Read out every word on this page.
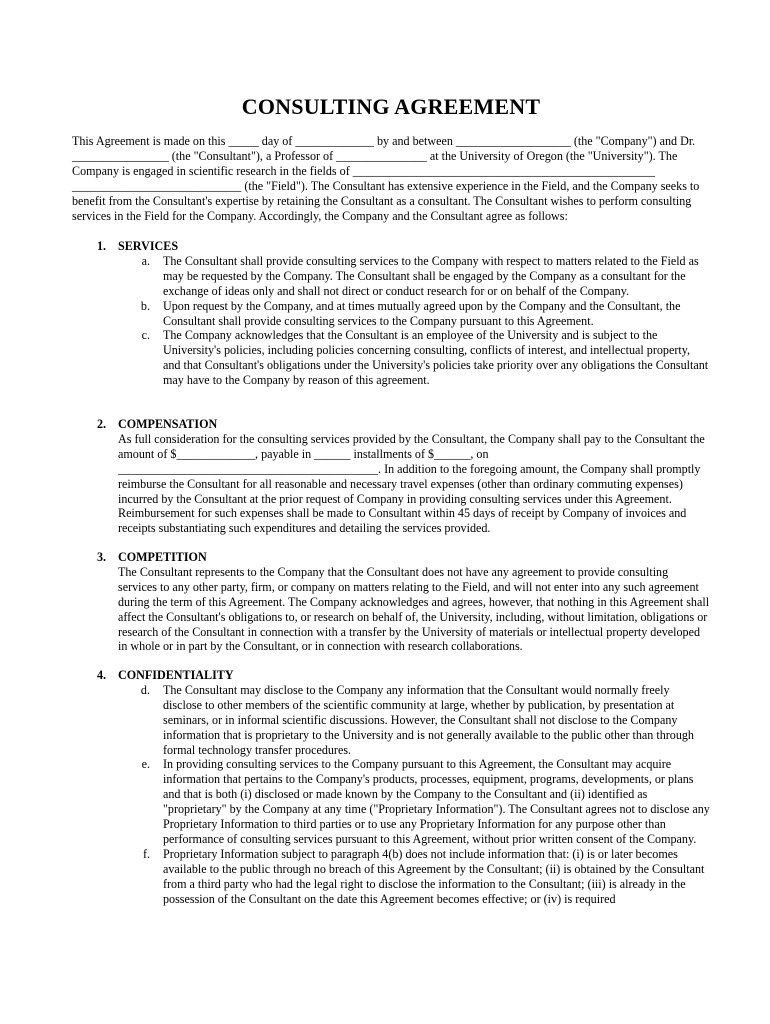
CONSULTING AGREEMENT

This Agreement is made on this _____ day of _____________ by and between ___________________ (the "Company") and Dr. ________________ (the "Consultant"), a Professor of _______________ at the University of Oregon (the "University"). The Company is engaged in scientific research in the fields of __________________________________________________ ____________________________ (the "Field"). The Consultant has extensive experience in the Field, and the Company seeks to benefit from the Consultant's expertise by retaining the Consultant as a consultant. The Consultant wishes to perform consulting services in the Field for the Company. Accordingly, the Company and the Consultant agree as follows:

1. SERVICES
a.	The Consultant shall provide consulting services to the Company with respect to matters related to the Field as may be requested by the Company. The Consultant shall be engaged by the Company as a consultant for the exchange of ideas only and shall not direct or conduct research for or on behalf of the Company.

b.	Upon request by the Company, and at times mutually agreed upon by the Company and the Consultant, the Consultant shall provide consulting services to the Company pursuant to this Agreement.

c.	The Company acknowledges that the Consultant is an employee of the University and is subject to the University's policies, including policies concerning consulting, conflicts of interest, and intellectual property, and that Consultant's obligations under the University's policies take priority over any obligations the Consultant may have to the Company by reason of this agreement.

2. COMPENSATION

As full consideration for the consulting services provided by the Consultant, the Company shall pay to the Consultant the amount of $_____________, payable in ______ installments of $______, on ___________________________________________. In addition to the foregoing amount, the Company shall promptly reimburse the Consultant for all reasonable and necessary travel expenses (other than ordinary commuting expenses) incurred by the Consultant at the prior request of Company in providing consulting services under this Agreement. Reimbursement for such expenses shall be made to Consultant within 45 days of receipt by Company of invoices and receipts substantiating such expenditures and detailing the services provided.

3. COMPETITION

The Consultant represents to the Company that the Consultant does not have any agreement to provide consulting services to any other party, firm, or company on matters relating to the Field, and will not enter into any such agreement during the term of this Agreement. The Company acknowledges and agrees, however, that nothing in this Agreement shall affect the Consultant's obligations to, or research on behalf of, the University, including, without limitation, obligations or research of the Consultant in connection with a transfer by the University of materials or intellectual property developed in whole or in part by the Consultant, or in connection with research collaborations.

4. CONFIDENTIALITY
d.	The Consultant may disclose to the Company any information that the Consultant would normally freely disclose to other members of the scientific community at large, whether by publication, by presentation at seminars, or in informal scientific discussions. However, the Consultant shall not disclose to the Company information that is proprietary to the University and is not generally available to the public other than through formal technology transfer procedures.

e.	In providing consulting services to the Company pursuant to this Agreement, the Consultant may acquire information that pertains to the Company's products, processes, equipment, programs, developments, or plans and that is both (i) disclosed or made known by the Company to the Consultant and (ii) identified as "proprietary" by the Company at any time ("Proprietary Information"). The Consultant agrees not to disclose any Proprietary Information to third parties or to use any Proprietary Information for any purpose other than performance of consulting services pursuant to this Agreement, without prior written consent of the Company.

f.	Proprietary Information subject to paragraph 4(b) does not include information that: (i) is or later becomes available to the public through no breach of this Agreement by the Consultant; (ii) is obtained by the Consultant from a third party who had the legal right to disclose the information to the Consultant; (iii) is already in the possession of the Consultant on the date this Agreement becomes effective; or (iv) is required
